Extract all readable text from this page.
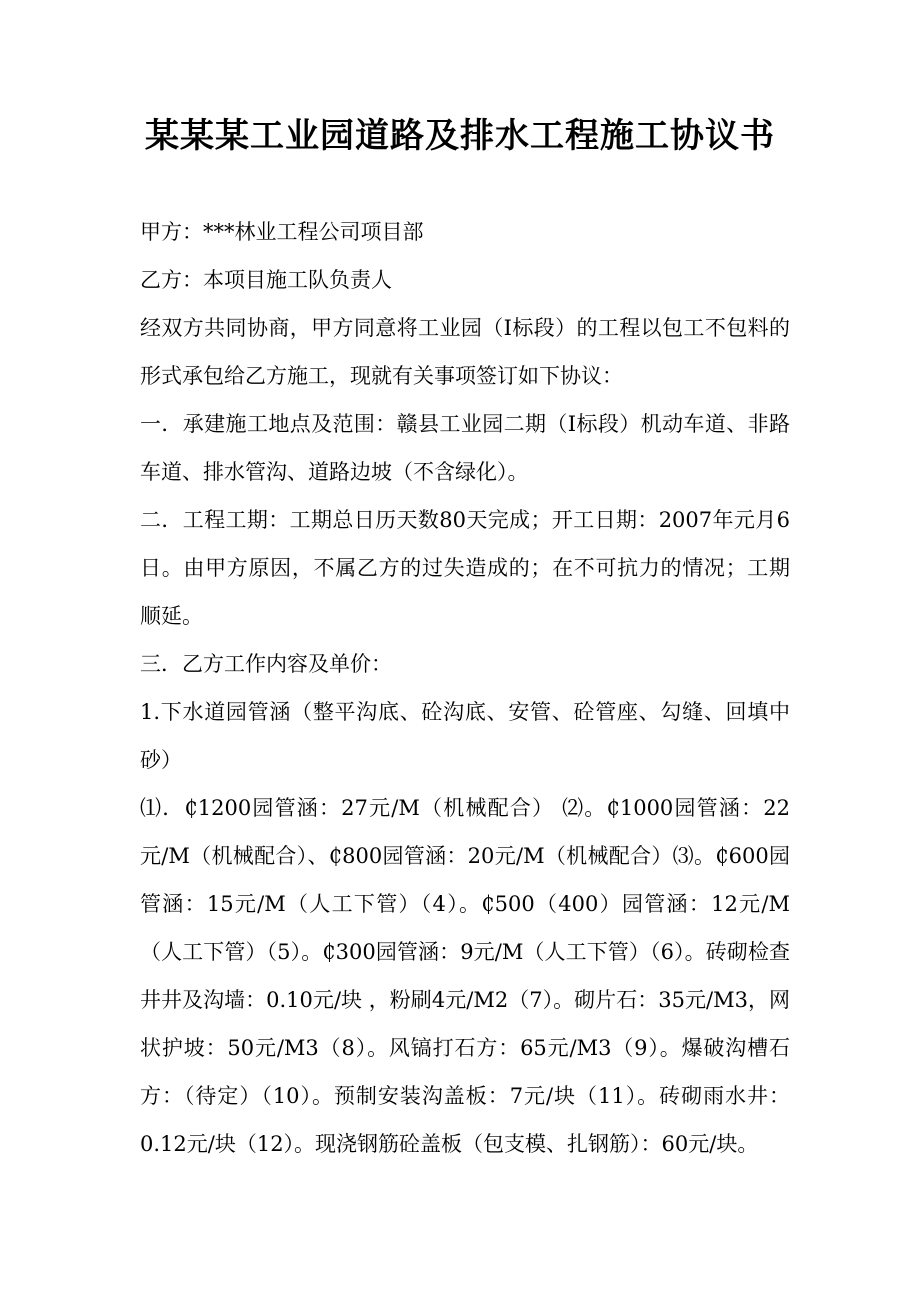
某某某工业园道路及排水工程施工协议书

甲方：***林业工程公司项目部

乙方：本项目施工队负责人

经双方共同协商，甲方同意将工业园（Ⅰ标段）的工程以包工不包料的形式承包给乙方施工，现就有关事项签订如下协议：

一．承建施工地点及范围：赣县工业园二期（Ⅰ标段）机动车道、非路车道、排水管沟、道路边坡（不含绿化）。

二．工程工期：工期总日历天数80天完成；开工日期：2007年元月6日。由甲方原因，不属乙方的过失造成的；在不可抗力的情况；工期顺延。

三．乙方工作内容及单价：

1.下水道园管涵（整平沟底、砼沟底、安管、砼管座、勾缝、回填中砂）

⑴．₵1200园管涵：27元/M（机械配合） ⑵。₵1000园管涵：22元/M（机械配合）、₵800园管涵：20元/M（机械配合）⑶。₵600园管涵：15元/M（人工下管）（4）。₵500（400）园管涵：12元/M（人工下管）（5）。₵300园管涵：9元/M（人工下管）（6）。砖砌检查井井及沟墙：0.10元/块 ，粉刷4元/M2（7）。砌片石：35元/M3，网状护坡：50元/M3（8）。风镐打石方：65元/M3（9）。爆破沟槽石方：（待定）（10）。预制安装沟盖板：7元/块（11）。砖砌雨水井：0.12元/块（12）。现浇钢筋砼盖板（包支模、扎钢筋）：60元/块。
